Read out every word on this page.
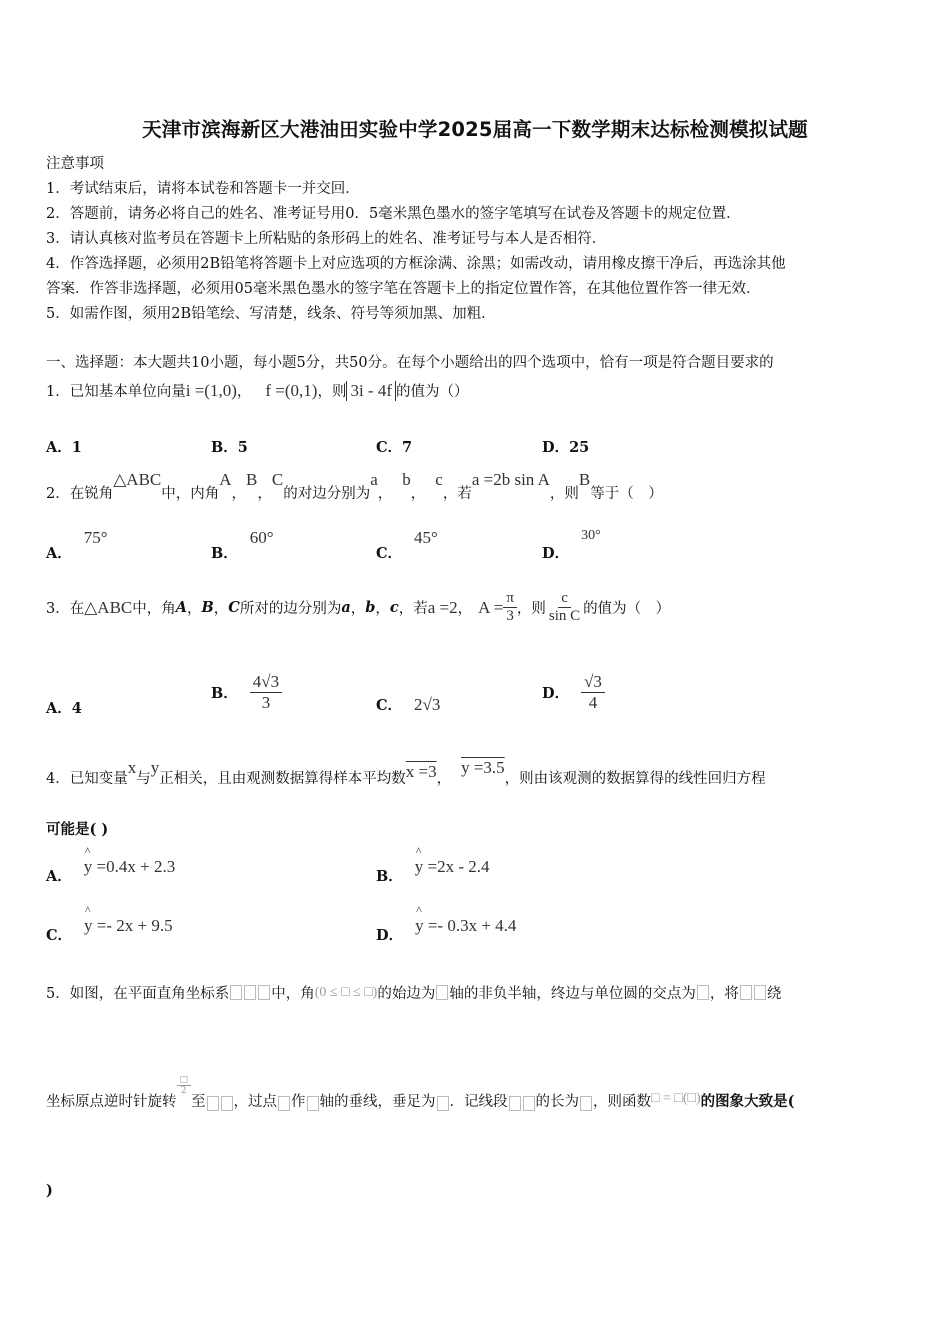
天津市滨海新区大港油田实验中学2025届高一下数学期末达标检测模拟试题
注意事项
1．考试结束后，请将本试卷和答题卡一并交回．
2．答题前，请务必将自己的姓名、准考证号用0．5毫米黑色墨水的签字笔填写在试卷及答题卡的规定位置．
3．请认真核对监考员在答题卡上所粘贴的条形码上的姓名、准考证号与本人是否相符．
4．作答选择题，必须用2B铅笔将答题卡上对应选项的方框涂满、涂黑；如需改动，请用橡皮擦干净后，再选涂其他
答案．作答非选择题，必须用05毫米黑色墨水的签字笔在答题卡上的指定位置作答，在其他位置作答一律无效．
5．如需作图，须用2B铅笔绘、写清楚，线条、符号等须加黑、加粗．
一、选择题：本大题共10小题，每小题5分，共50分。在每个小题给出的四个选项中，恰有一项是符合题目要求的
1．已知基本单位向量 i =(1,0) ， f =(0,1) ，则 3i - 4f 的值为（）
A．1	B．5	C．7	D．25
2．在锐角
△ABC
中，内角
A
，
B
，
C
的对边分别为
a
，
b
，
c
，若
a =2b sin A
，则
B
等于（　）
A．
75°
B．
60°
C．
45°
D．
30°
3．在 △ABC 中，角 A ， B ， C 所对的边分别为 a ， b ， c ，若 a =2 ， $A = \frac{\pi}{3}$ ，则 $\frac{c}{\text{sin C}}$ 的值为（　）
A．4
B． $\frac{4√3}{3}$	C． 2√3
D． $\frac{√3}{4}$
4．已知变量
x
与
y
正相关，且由观测数据算得样本平均数 x =3 ，
y =3.5
，则由该观测的数据算得的线性回归方程
可能是( )
A．
^ y =0.4x + 2.3
B．
^ y =2x - 2.4
C．
^ y =- 2x + 9.5
D．
^ y =- 0.3x + 4.4
5．如图，在平面直角坐标系	中，角 (0 ≤ □ ≤ □) 的始边为 轴的非负半轴，终边与单位圆的交点为 ，将 绕
坐标原点逆时针旋转
$\frac{□}{2}$
至 ，过点 作 轴的垂线，垂足为 ．记线段 的长为 ，则函数 □ = □(□) 的图象大致是(
)
